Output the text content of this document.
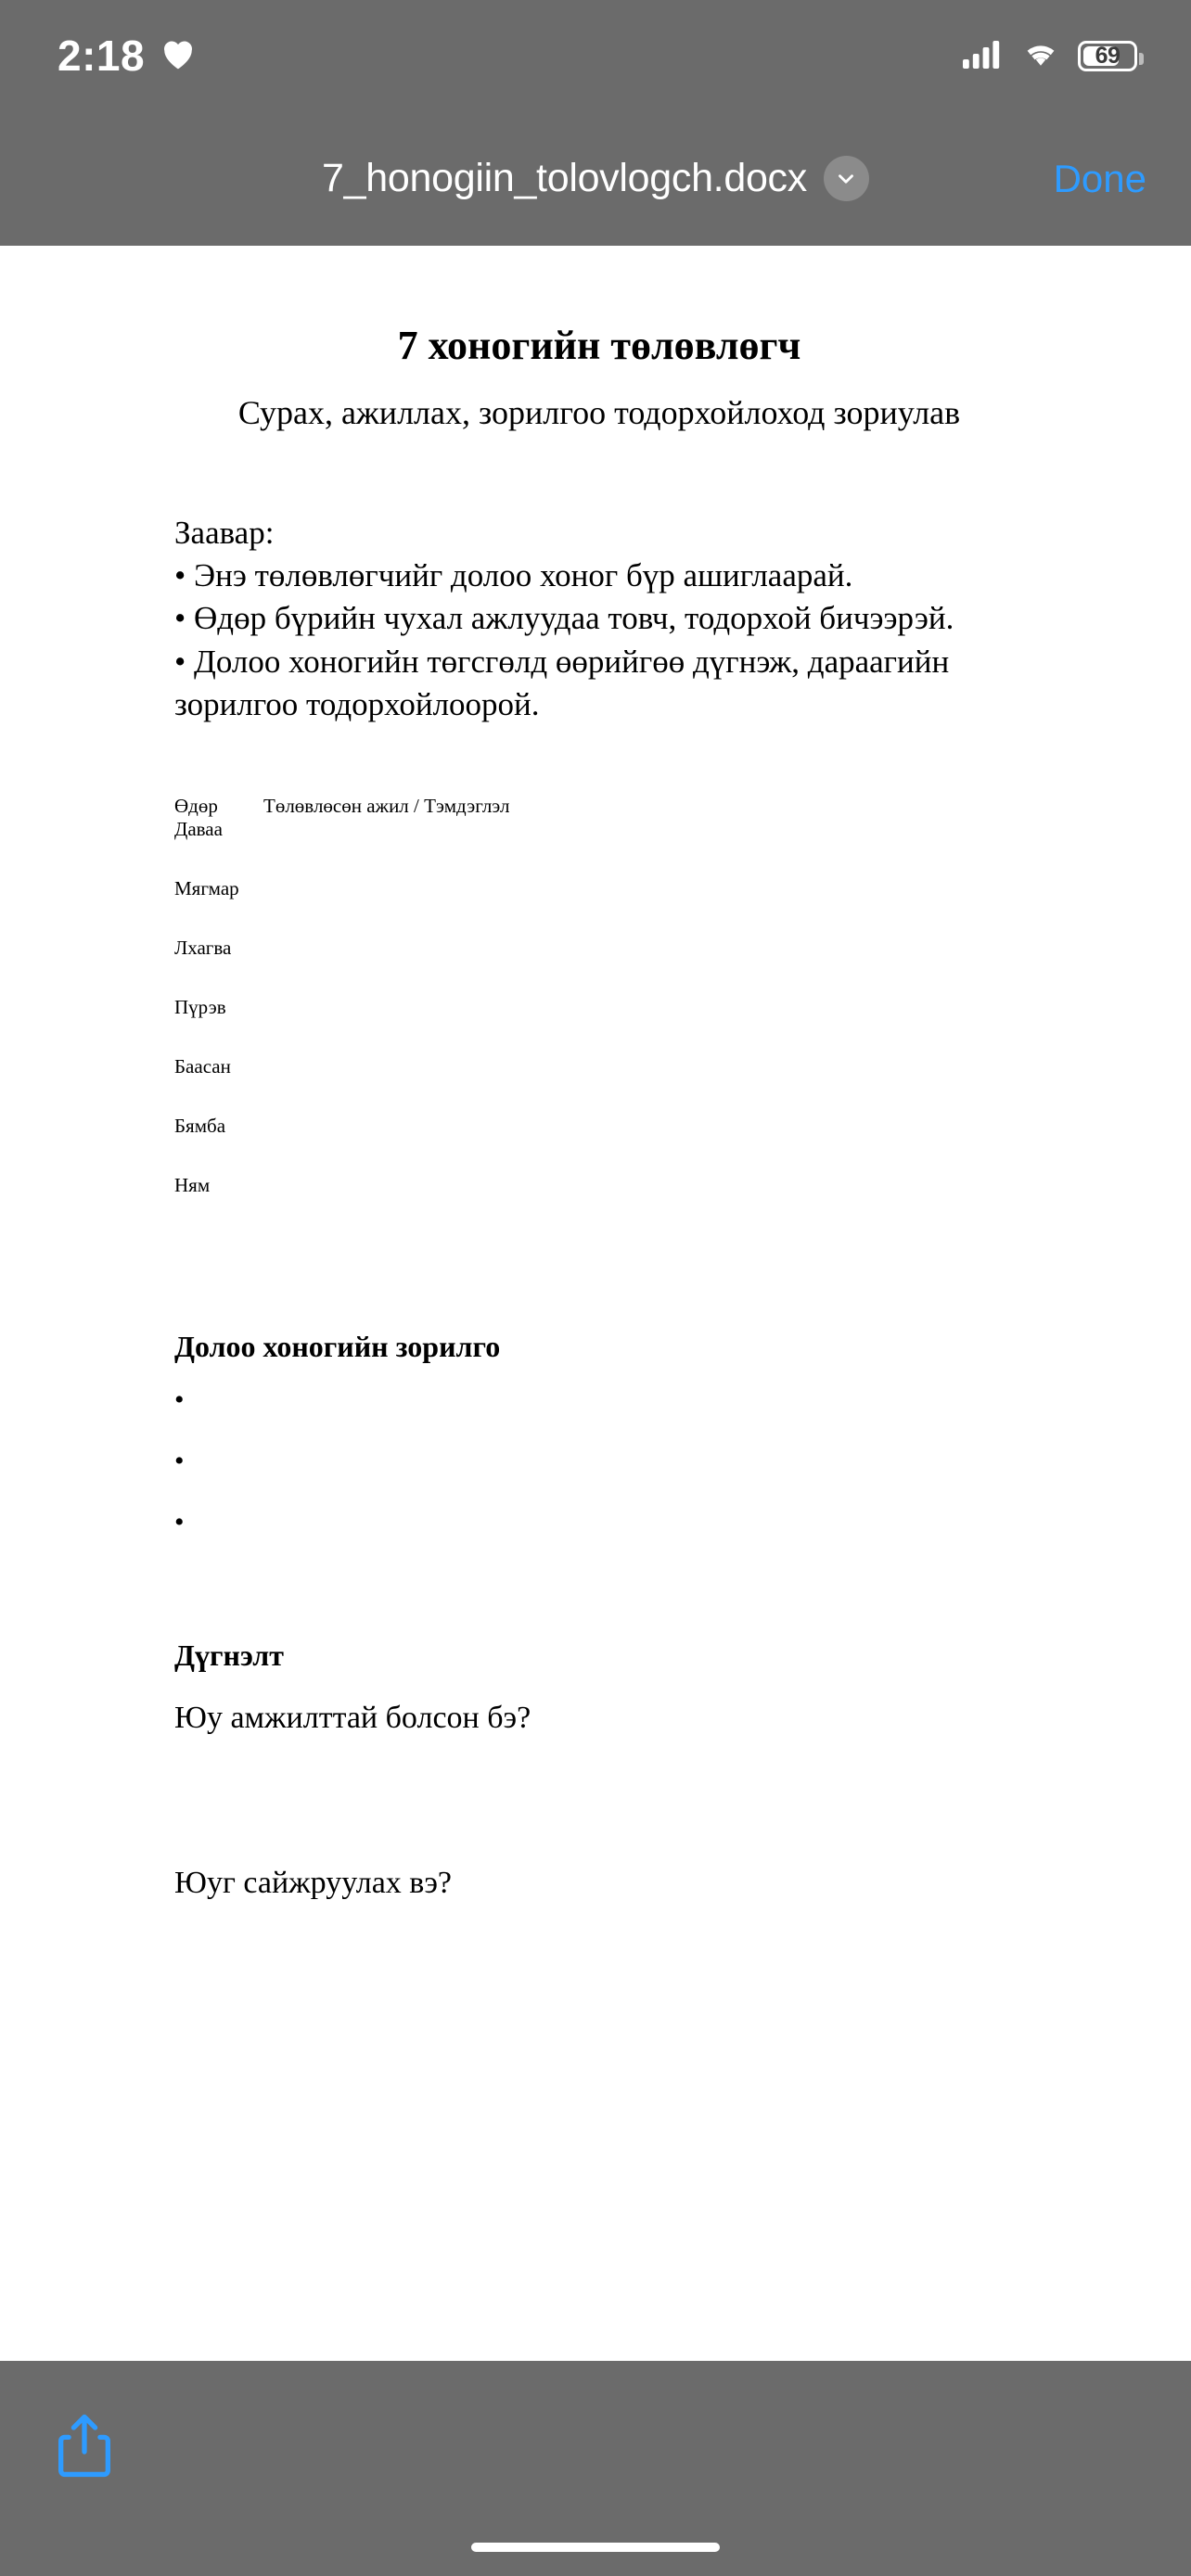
2:18	69
7_honogiin_tolovlogch.docx	Done
7 хоногийн төлөвлөгч
Сурах, ажиллах, зорилгоо тодорхойлоход зориулав

Заавар:

• Энэ төлөвлөгчийг долоо хоног бүр ашиглаарай.

• Өдөр бүрийн чухал ажлуудаа товч, тодорхой бичээрэй.

• Долоо хоногийн төгсгөлд өөрийгөө дүгнэж, дараагийн зорилгоо тодорхойлоорой.

Өдөр	Төлөвлөсөн ажил / Тэмдэглэл
Даваа
Мягмар
Лхагва
Пүрэв
Баасан
Бямба
Ням
Долоо хоногийн зорилго
•
•
•
Дүгнэлт
Юу амжилттай болсон бэ?
Юуг сайжруулах вэ?
